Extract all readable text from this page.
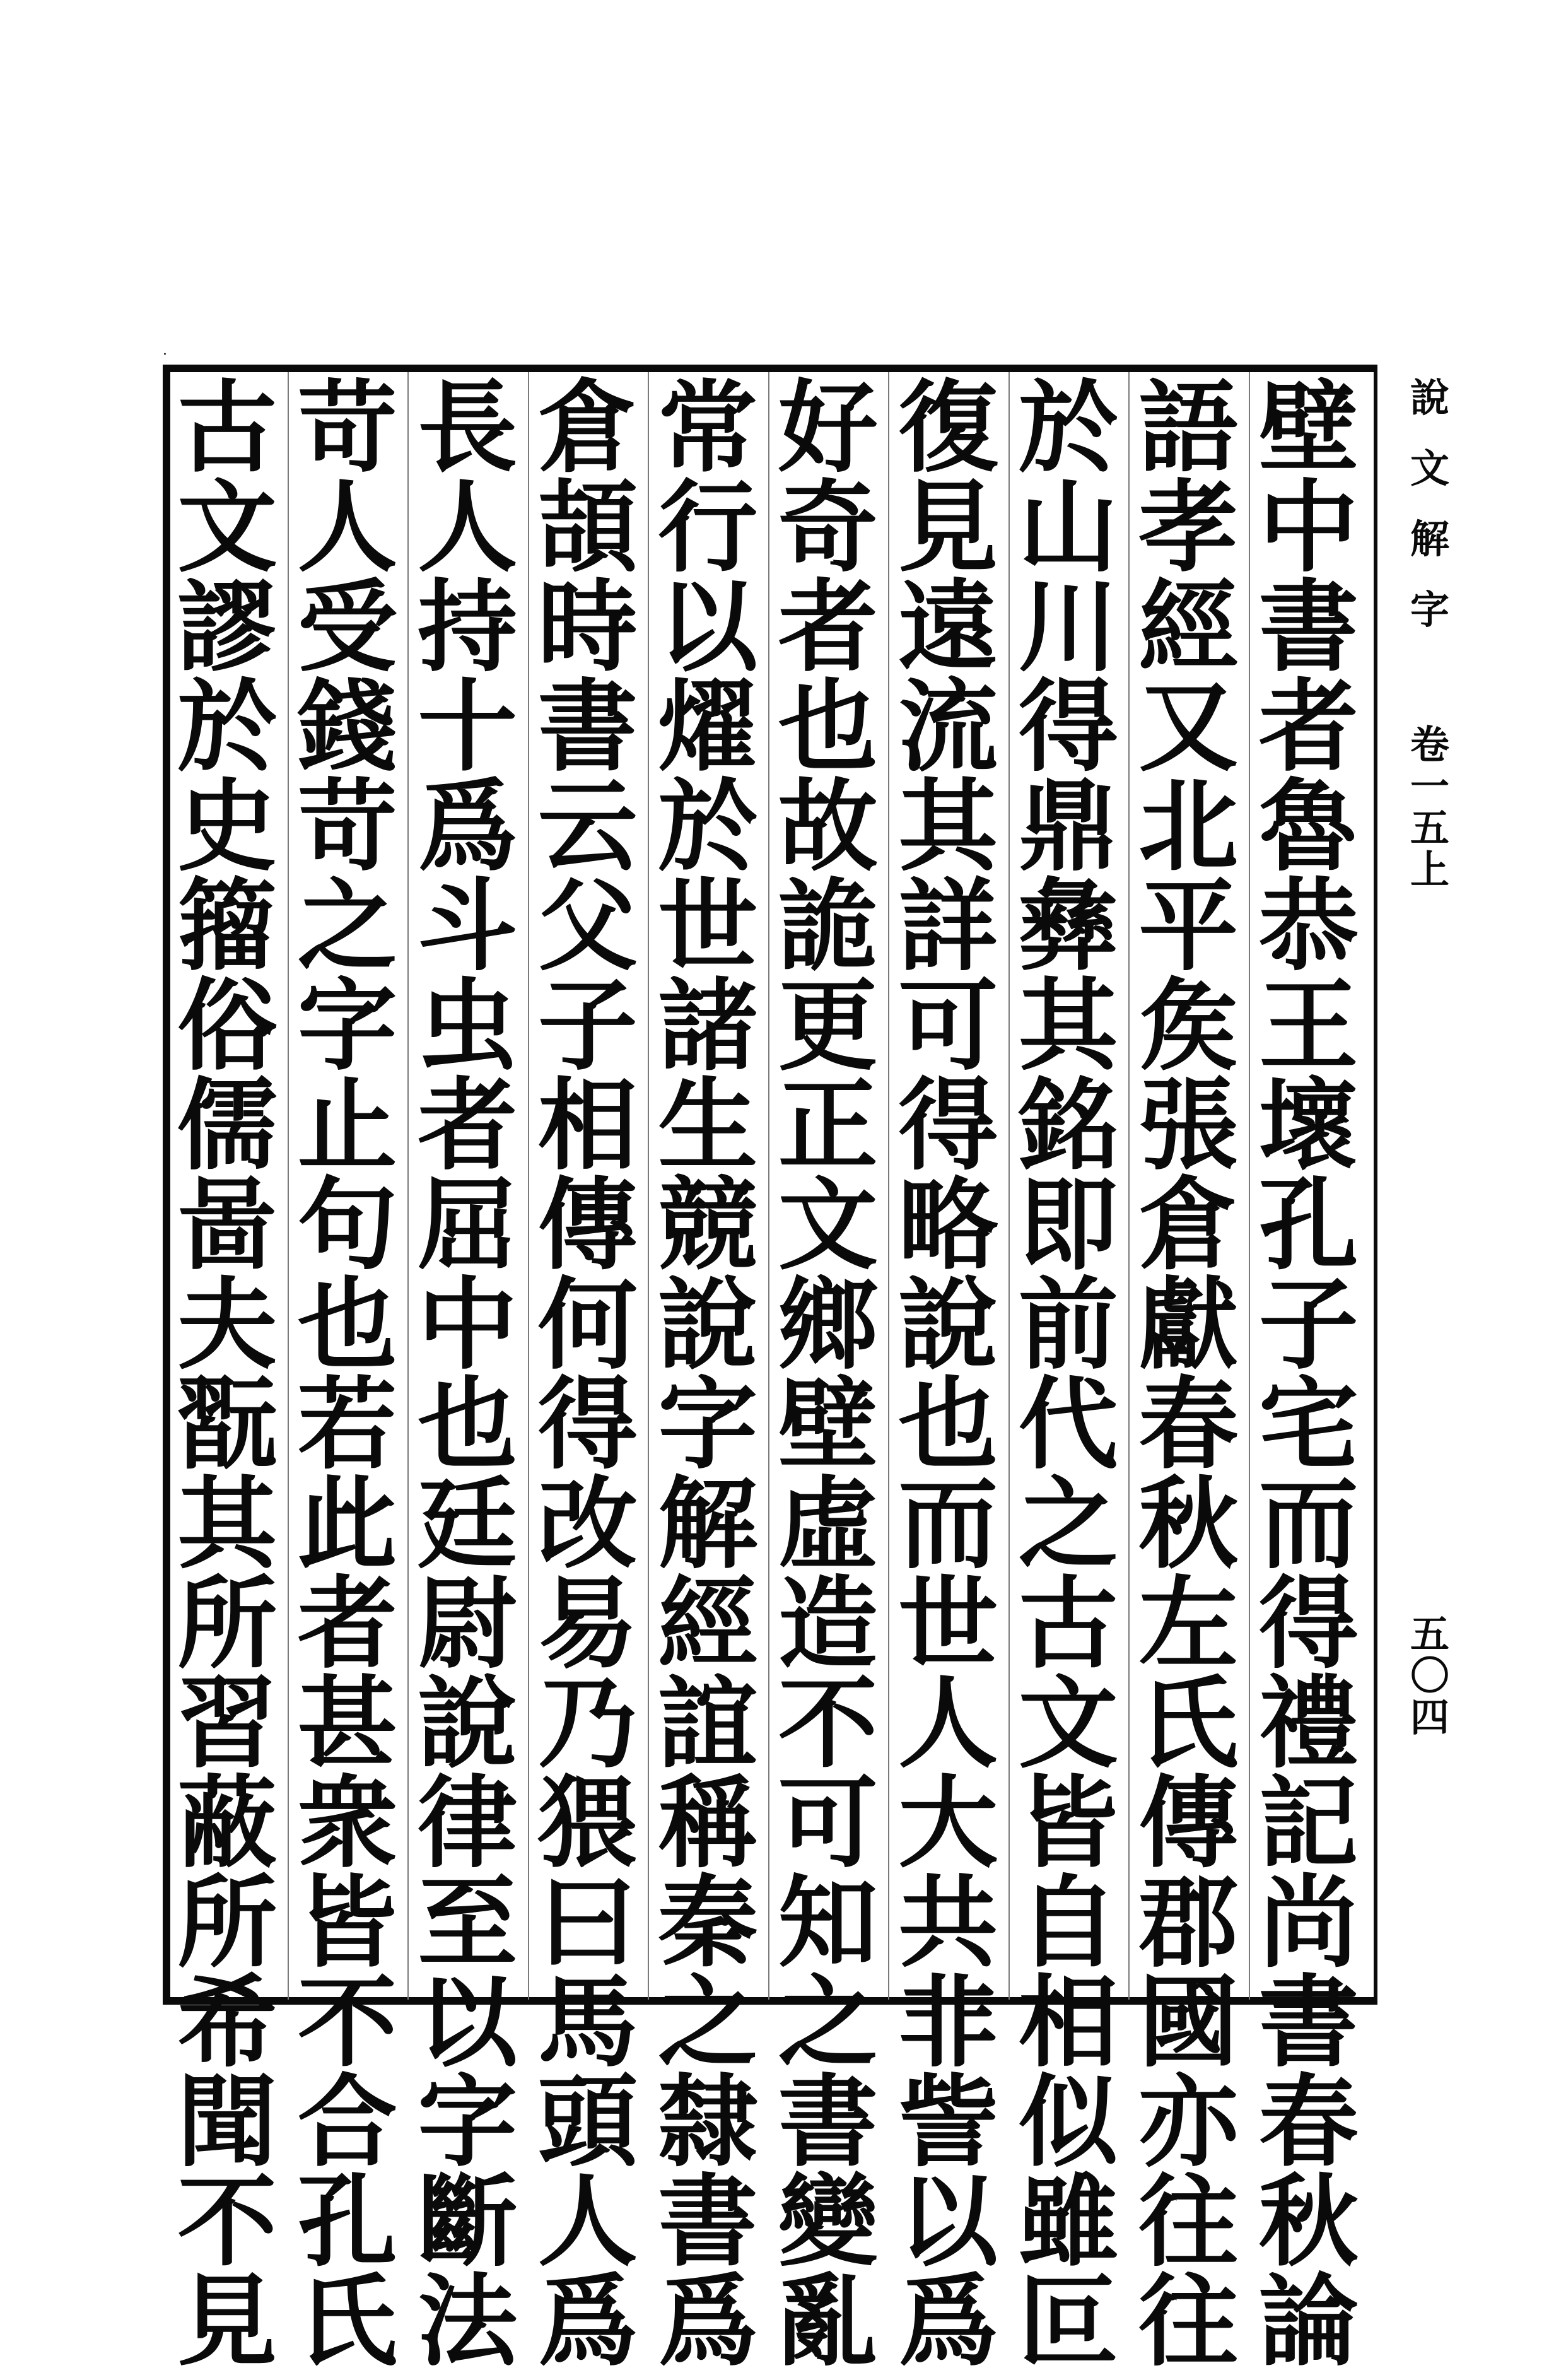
·
說
文
解
字
卷
一
五
上
五
〇
四
壁
中
書
者
魯
恭
王
壞
孔
子
宅
而
得
禮
記
尚
書
春
秋
論
語
孝
經
又
北
平
矦
張
倉
獻
春
秋
左
氏
傳
郡
國
亦
往
往
於
山
川
得
鼎
彝
其
銘
即
前
代
之
古
文
皆
自
相
似
雖
叵
復
見
遠
流
其
詳
可
得
略
說
也
而
世
人
大
共
非
訾
以
爲
好
奇
者
也
故
詭
更
正
文
鄉
壁
虛
造
不
可
知
之
書
變
亂
常
行
以
燿
於
世
諸
生
競
說
字
解
經
誼
稱
秦
之
隸
書
爲
倉
頡
時
書
云
父
子
相
傳
何
得
改
易
乃
猥
曰
馬
頭
人
爲
長
人
持
十
爲
斗
虫
者
屈
中
也
廷
尉
說
律
至
以
字
斷
法
苛
人
受
錢
苛
之
字
止
句
也
若
此
者
甚
衆
皆
不
合
孔
氏
古
文
謬
於
史
籀
俗
儒
啚
夫
翫
其
所
習
蔽
所
希
聞
不
見
